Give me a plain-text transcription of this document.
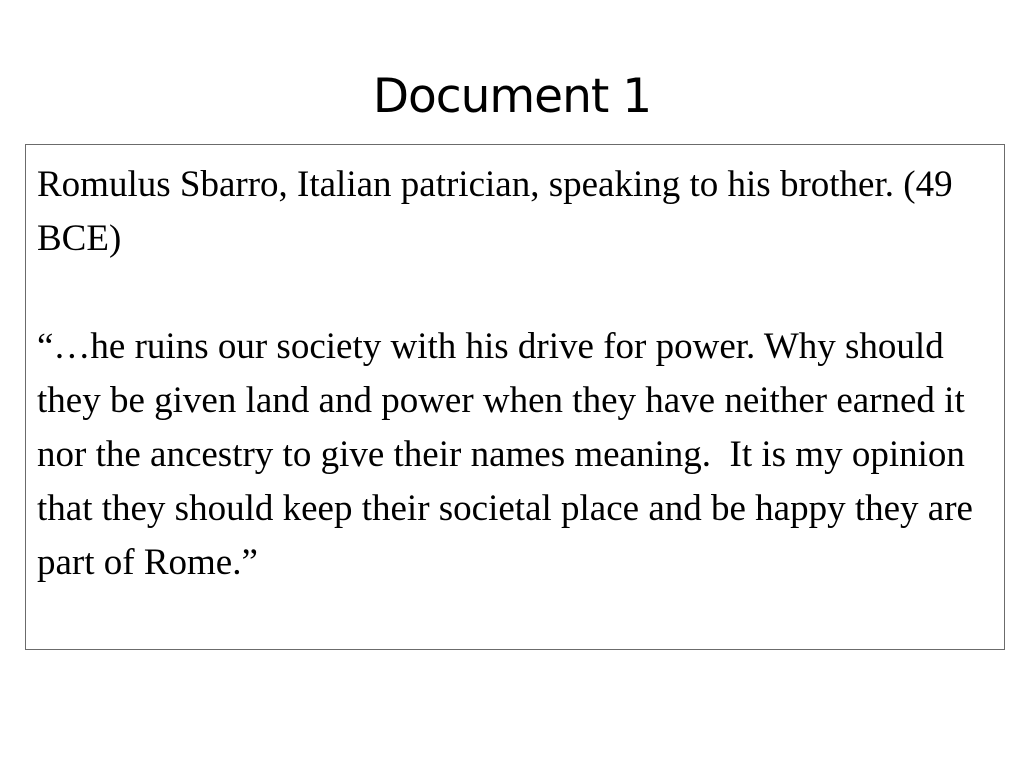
Document 1

Romulus Sbarro, Italian patrician, speaking to his brother. (49 BCE)

“…he ruins our society with his drive for power. Why should they be given land and power when they have neither earned it nor the ancestry to give their names meaning.  It is my opinion that they should keep their societal place and be happy they are part of Rome.”
